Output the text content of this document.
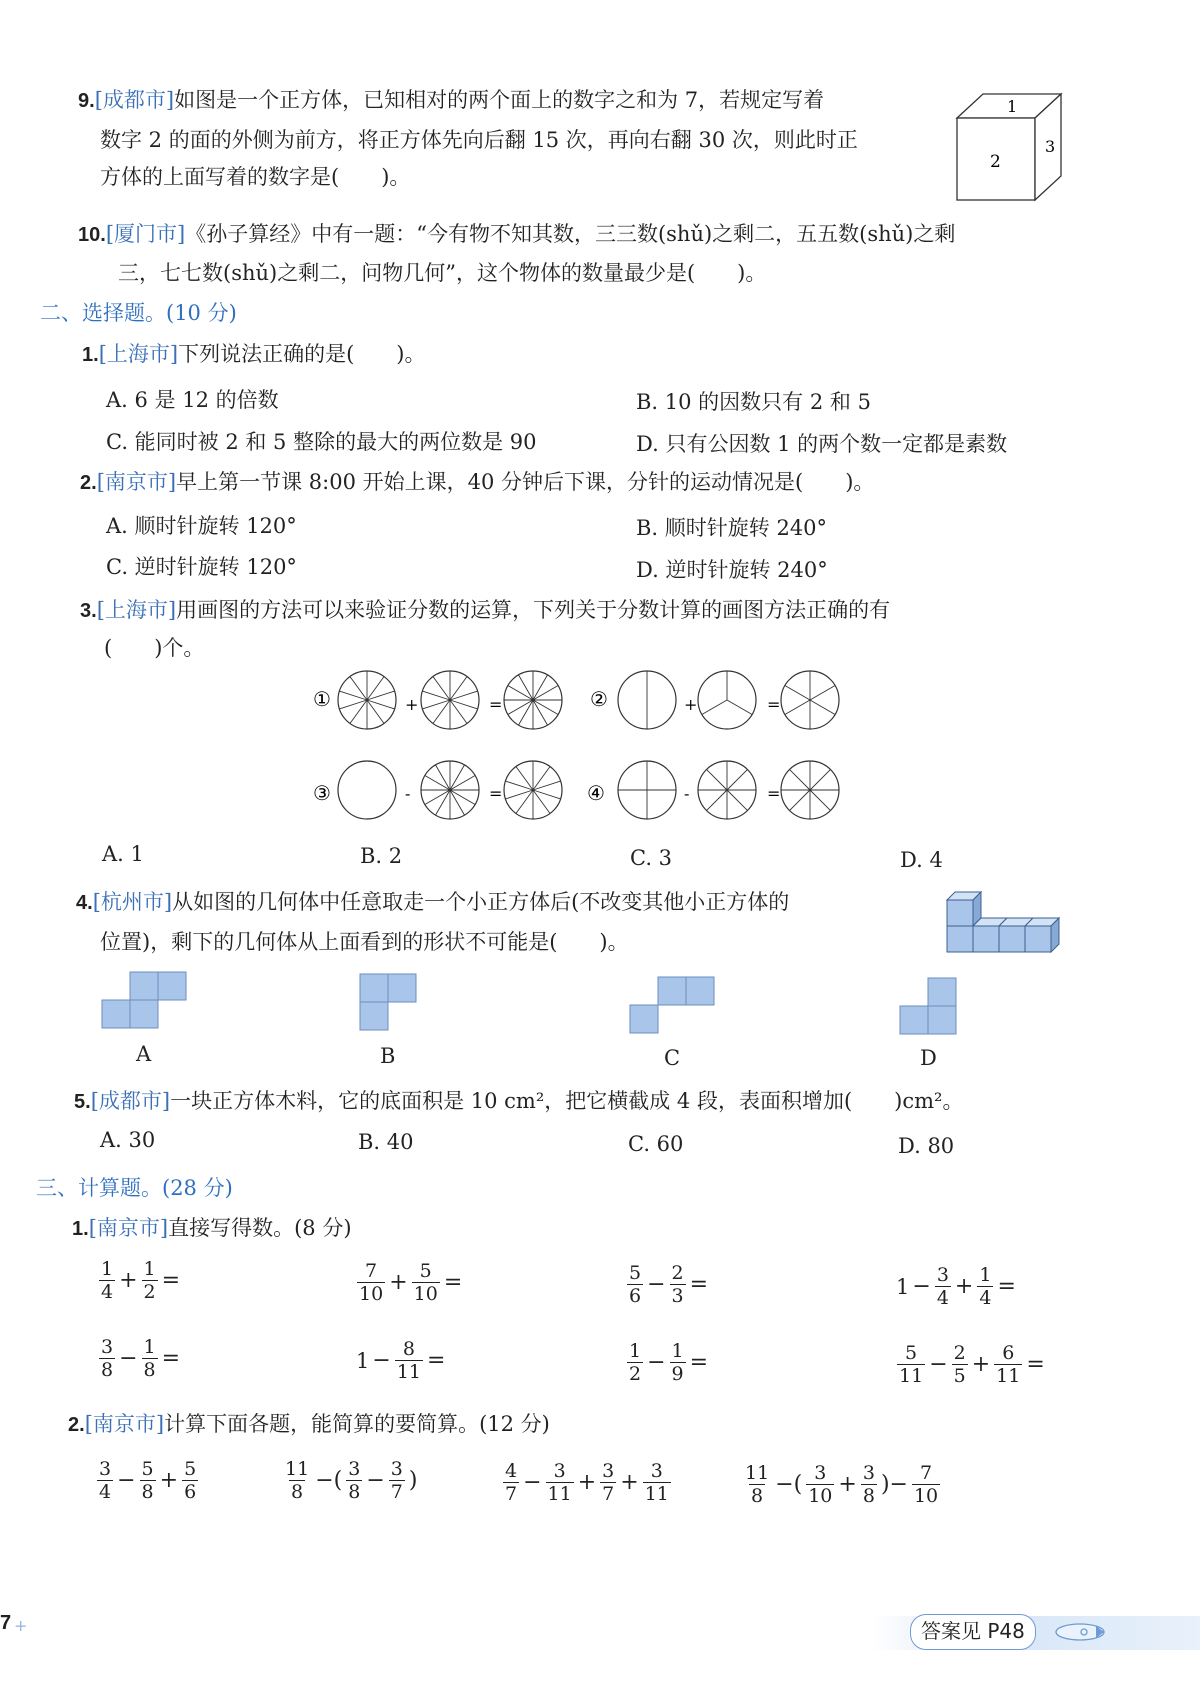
9.[成都市]如图是一个正方体，已知相对的两个面上的数字之和为 7，若规定写着
数字 2 的面的外侧为前方，将正方体先向后翻 15 次，再向右翻 30 次，则此时正
方体的上面写着的数字是(　　)。
1
2
3
10.[厦门市]《孙子算经》中有一题：“今有物不知其数，三三数(shǔ)之剩二，五五数(shǔ)之剩
三，七七数(shǔ)之剩二，问物几何”，这个物体的数量最少是(　　)。
二、选择题。(10 分)
1.[上海市]下列说法正确的是(　　)。
A. 6 是 12 的倍数	B. 10 的因数只有 2 和 5
C. 能同时被 2 和 5 整除的最大的两位数是 90	D. 只有公因数 1 的两个数一定都是素数
2.[南京市]早上第一节课 8:00 开始上课，40 分钟后下课，分针的运动情况是(　　)。
A. 顺时针旋转 120°	B. 顺时针旋转 240°
C. 逆时针旋转 120°	D. 逆时针旋转 240°
3.[上海市]用画图的方法可以来验证分数的运算，下列关于分数计算的画图方法正确的有
(　　)个。
①	②
③	④
+	=	+	=
-	=	-	=
A. 1	B. 2	C. 3	D. 4
4.[杭州市]从如图的几何体中任意取走一个小正方体后(不改变其他小正方体的
位置)，剩下的几何体从上面看到的形状不可能是(　　)。
A	B	C	D
5.[成都市]一块正方体木料，它的底面积是 10 cm²，把它横截成 4 段，表面积增加(　　)cm²。
A. 30	B. 40	C. 60	D. 80
三、计算题。(28 分)
1.[南京市]直接写得数。(8 分)
$\frac{1}{4} + \frac{1}{2}$ =	$\frac{7}{10} + \frac{5}{10}$ =	$\frac{5}{6} - \frac{2}{3}$ =	$1 - \frac{3}{4} + \frac{1}{4}$ =
$\frac{3}{8} - \frac{1}{8}$ =	$1 - \frac{8}{11}$ =	$\frac{1}{2} - \frac{1}{9}$ =	$\frac{5}{11} - \frac{2}{5} + \frac{6}{11}$ =
2.[南京市]计算下面各题，能简算的要简算。(12 分)
$\frac{3}{4} - \frac{5}{8} + \frac{5}{6}$	$\frac{11}{8}$ −( $\frac{3}{8} - \frac{3}{7}$ )	$\frac{4}{7} - \frac{3}{11} + \frac{3}{7} + \frac{3}{11}$	$\frac{11}{8}$ −( $\frac{3}{10} + \frac{3}{8}$ )− $\frac{7}{10}$
7 +	答案见 P48
